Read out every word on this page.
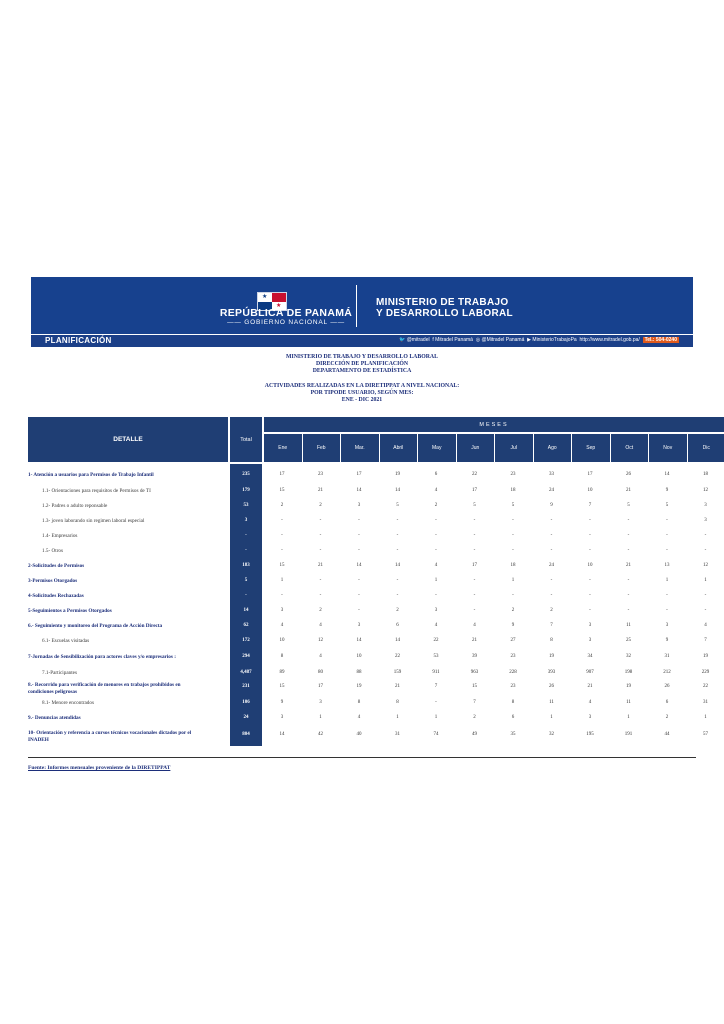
★
★
REPÚBLICA DE PANAMÁ
—— GOBIERNO NACIONAL ——
MINISTERIO DE TRABAJO
Y DESARROLLO LABORAL
PLANIFICACIÓN	🐦 @mitradel f Mitradel Panamá ◎ @Mitradel Panamá ▶ MinisterioTrabajoPa http://www.mitradel.gob.pa/ Tel.: 504-0240
MINISTERIO DE TRABAJO Y DESARROLLO LABORAL
DIRECCIÓN DE PLANIFICACIÓN
DEPARTAMENTO DE ESTADÍSTICA
ACTIVIDADES REALIZADAS EN LA DIRETIPPAT A NIVEL NACIONAL:
POR TIPODE USUARIO, SEGÚN MES:
ENE - DIC 2021
DETALLE	Total
MESES
Ene	Feb	Mar.	Abril	May	Jun	Jul	Ago	Sep	Oct	Nov	Dic
1- Atención a usuarios para Permisos de Trabajo Infantil	235	17	23	17	19	6	22	23	33	17	26	14	18
1.1- Orientaciones para requisitos de Permisos de TI	179	15	21	14	14	4	17	18	24	10	21	9	12
1.2- Padres o adulto reponsable	53	2	2	3	5	2	5	5	9	7	5	5	3
1.3- joven laborando sin regimen laboral especial	3	-	-	-	-	-	-	-	-	-	-	-	3
1.4- Empresarios	-	-	-	-	-	-	-	-	-	-	-	-	-
1.5- Otros	-	-	-	-	-	-	-	-	-	-	-	-	-
2-Solicitudes de Permisos	183	15	21	14	14	4	17	18	24	10	21	13	12
3-Permisos Otorgados	5	1	-	-	-	1	-	1	-	-	-	1	1
4-Solicitudes Rechazadas	-	-	-	-	-	-	-	-	-	-	-	-	-
5-Seguimientos a Permisos Otorgados	14	3	2	-	2	3	-	2	2	-	-	-	-
6.- Seguimiento y monitoreo del Programa de Acción Directa	62	4	4	3	6	4	4	9	7	3	11	3	4
6.1- Escuelas visitadas	172	10	12	14	14	22	21	27	8	3	25	9	7
7-Jornadas de Sensibilización para actores claves y/o empresarios :	294	8	4	10	22	53	39	23	19	34	32	31	19
7.1-Participantes	4,487	89	80	88	159	911	963	228	393	907	198	212	229
8.- Recorrido para verificación de menores en trabajos prohibidos en
condiciones peligrosas
231	15	17	19	21	7	15	23	26	21	19	26	22
8.1- Menore encontrados	106	9	3	8	8	-	7	8	11	4	11	6	31
9.- Denuncias atendidas	24	3	1	4	1	1	2	6	1	3	1	2	1
10- Orientación y referencia a cursos técnicos vocacionales dictados por el
INADEH
804	14	42	40	31	74	49	35	32	195	191	44	57
Fuente: Informes mensuales proveniente de la DIRETIPPAT
